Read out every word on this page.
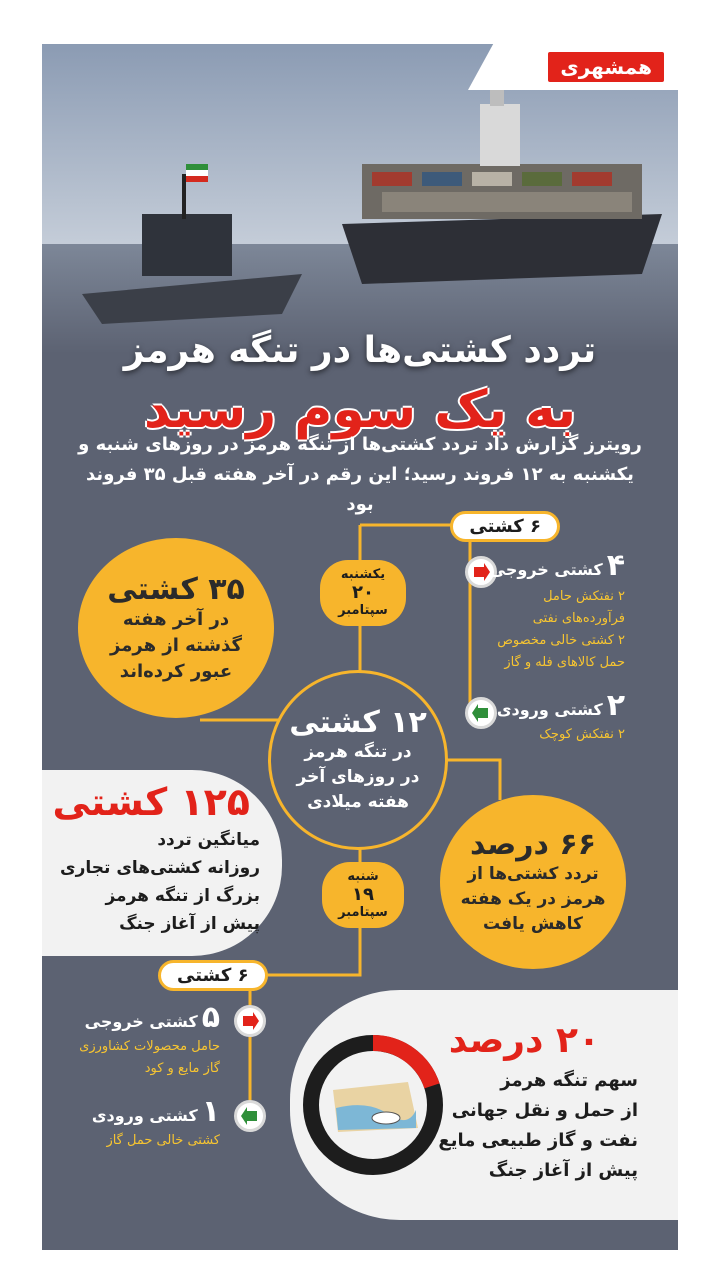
تردد کشتی‌ها در تنگه هرمز
به یک سوم رسید
همشهری
رویترز گزارش داد تردد کشتی‌ها از تنگه هرمز در روزهای شنبه و یکشنبه به ۱۲ فروند رسید؛ این رقم در آخر هفته قبل ۳۵ فروند بود
۶ کشتی
یکشنبه
۲۰
سپتامبر
۴کشتی خروجی
۲ نفتکش حامل
فرآورده‌های نفتی
۲ کشتی خالی مخصوص
حمل کالاهای فله و گاز
۲کشتی ورودی
۲ نفتکش کوچک
۳۵ کشتی
در آخر هفته
گذشته از هرمز
عبور کرده‌اند
۱۲ کشتی
در تنگه هرمز
در روزهای آخر
هفته میلادی
۱۲۵ کشتی
میانگین تردد
روزانه کشتی‌های تجاری
بزرگ از تنگه هرمز
پیش از آغاز جنگ
۶۶ درصد
تردد کشتی‌ها از
هرمز در یک هفته
کاهش یافت
شنبه
۱۹
سپتامبر
۶ کشتی
۵کشتی خروجی
حامل محصولات کشاورزی
گاز مایع و کود
۱کشتی ورودی
کشتی خالی حمل گاز
۲۰ درصد
سهم تنگه هرمز
از حمل و نقل جهانی
نفت و گاز طبیعی مایع
پیش از آغاز جنگ
